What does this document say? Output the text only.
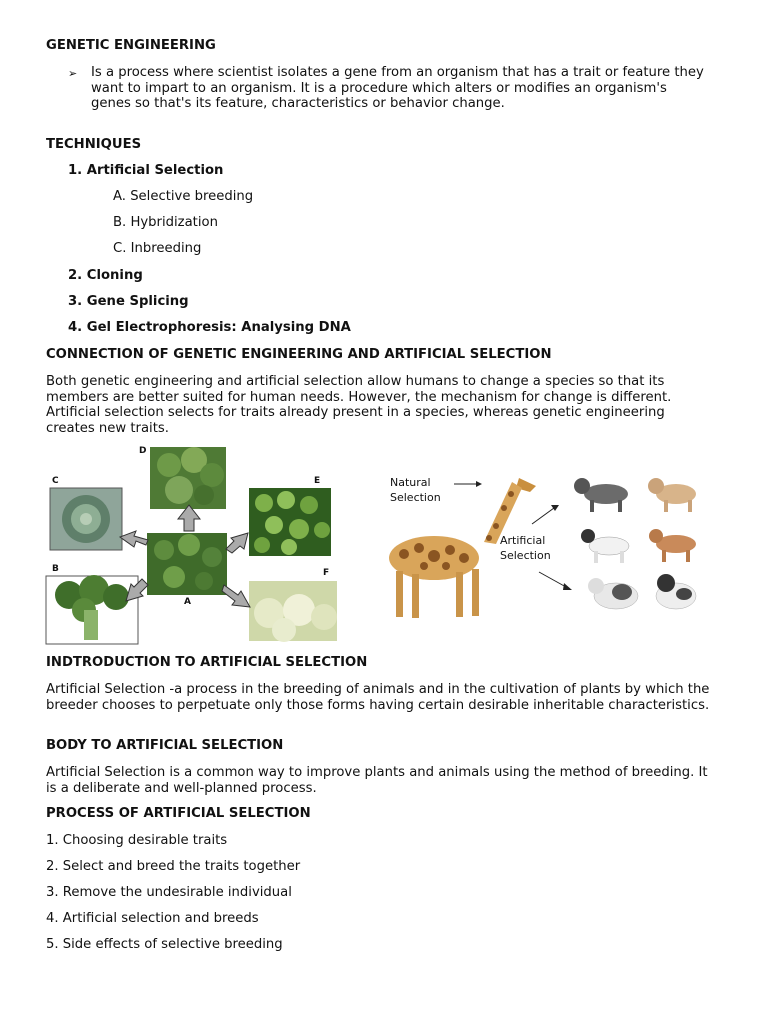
GENETIC ENGINEERING
➢ Is a process where scientist isolates a gene from an organism that has a trait or feature they want to impart to an organism. It is a procedure which alters or modifies an organism's genes so that's its feature, characteristics or behavior change.
TECHNIQUES
1. Artificial Selection
A. Selective breeding
B. Hybridization
C. Inbreeding
2. Cloning
3. Gene Splicing
4. Gel Electrophoresis: Analysing DNA
CONNECTION OF GENETIC ENGINEERING AND ARTIFICIAL SELECTION
Both genetic engineering and artificial selection allow humans to change a species so that its members are better suited for human needs. However, the mechanism for change is different. Artificial selection selects for traits already present in a species, whereas genetic engineering creates new traits.
D
C	E
B
A
F
Natural Selection
Artificial Selection
INDTRODUCTION TO ARTIFICIAL SELECTION
Artificial Selection -a process in the breeding of animals and in the cultivation of plants by which the breeder chooses to perpetuate only those forms having certain desirable inheritable characteristics.
BODY TO ARTIFICIAL SELECTION
Artificial Selection is a common way to improve plants and animals using the method of breeding. It is a deliberate and well-planned process.
PROCESS OF ARTIFICIAL SELECTION
1. Choosing desirable traits
2. Select and breed the traits together
3. Remove the undesirable individual
4. Artificial selection and breeds
5. Side effects of selective breeding
